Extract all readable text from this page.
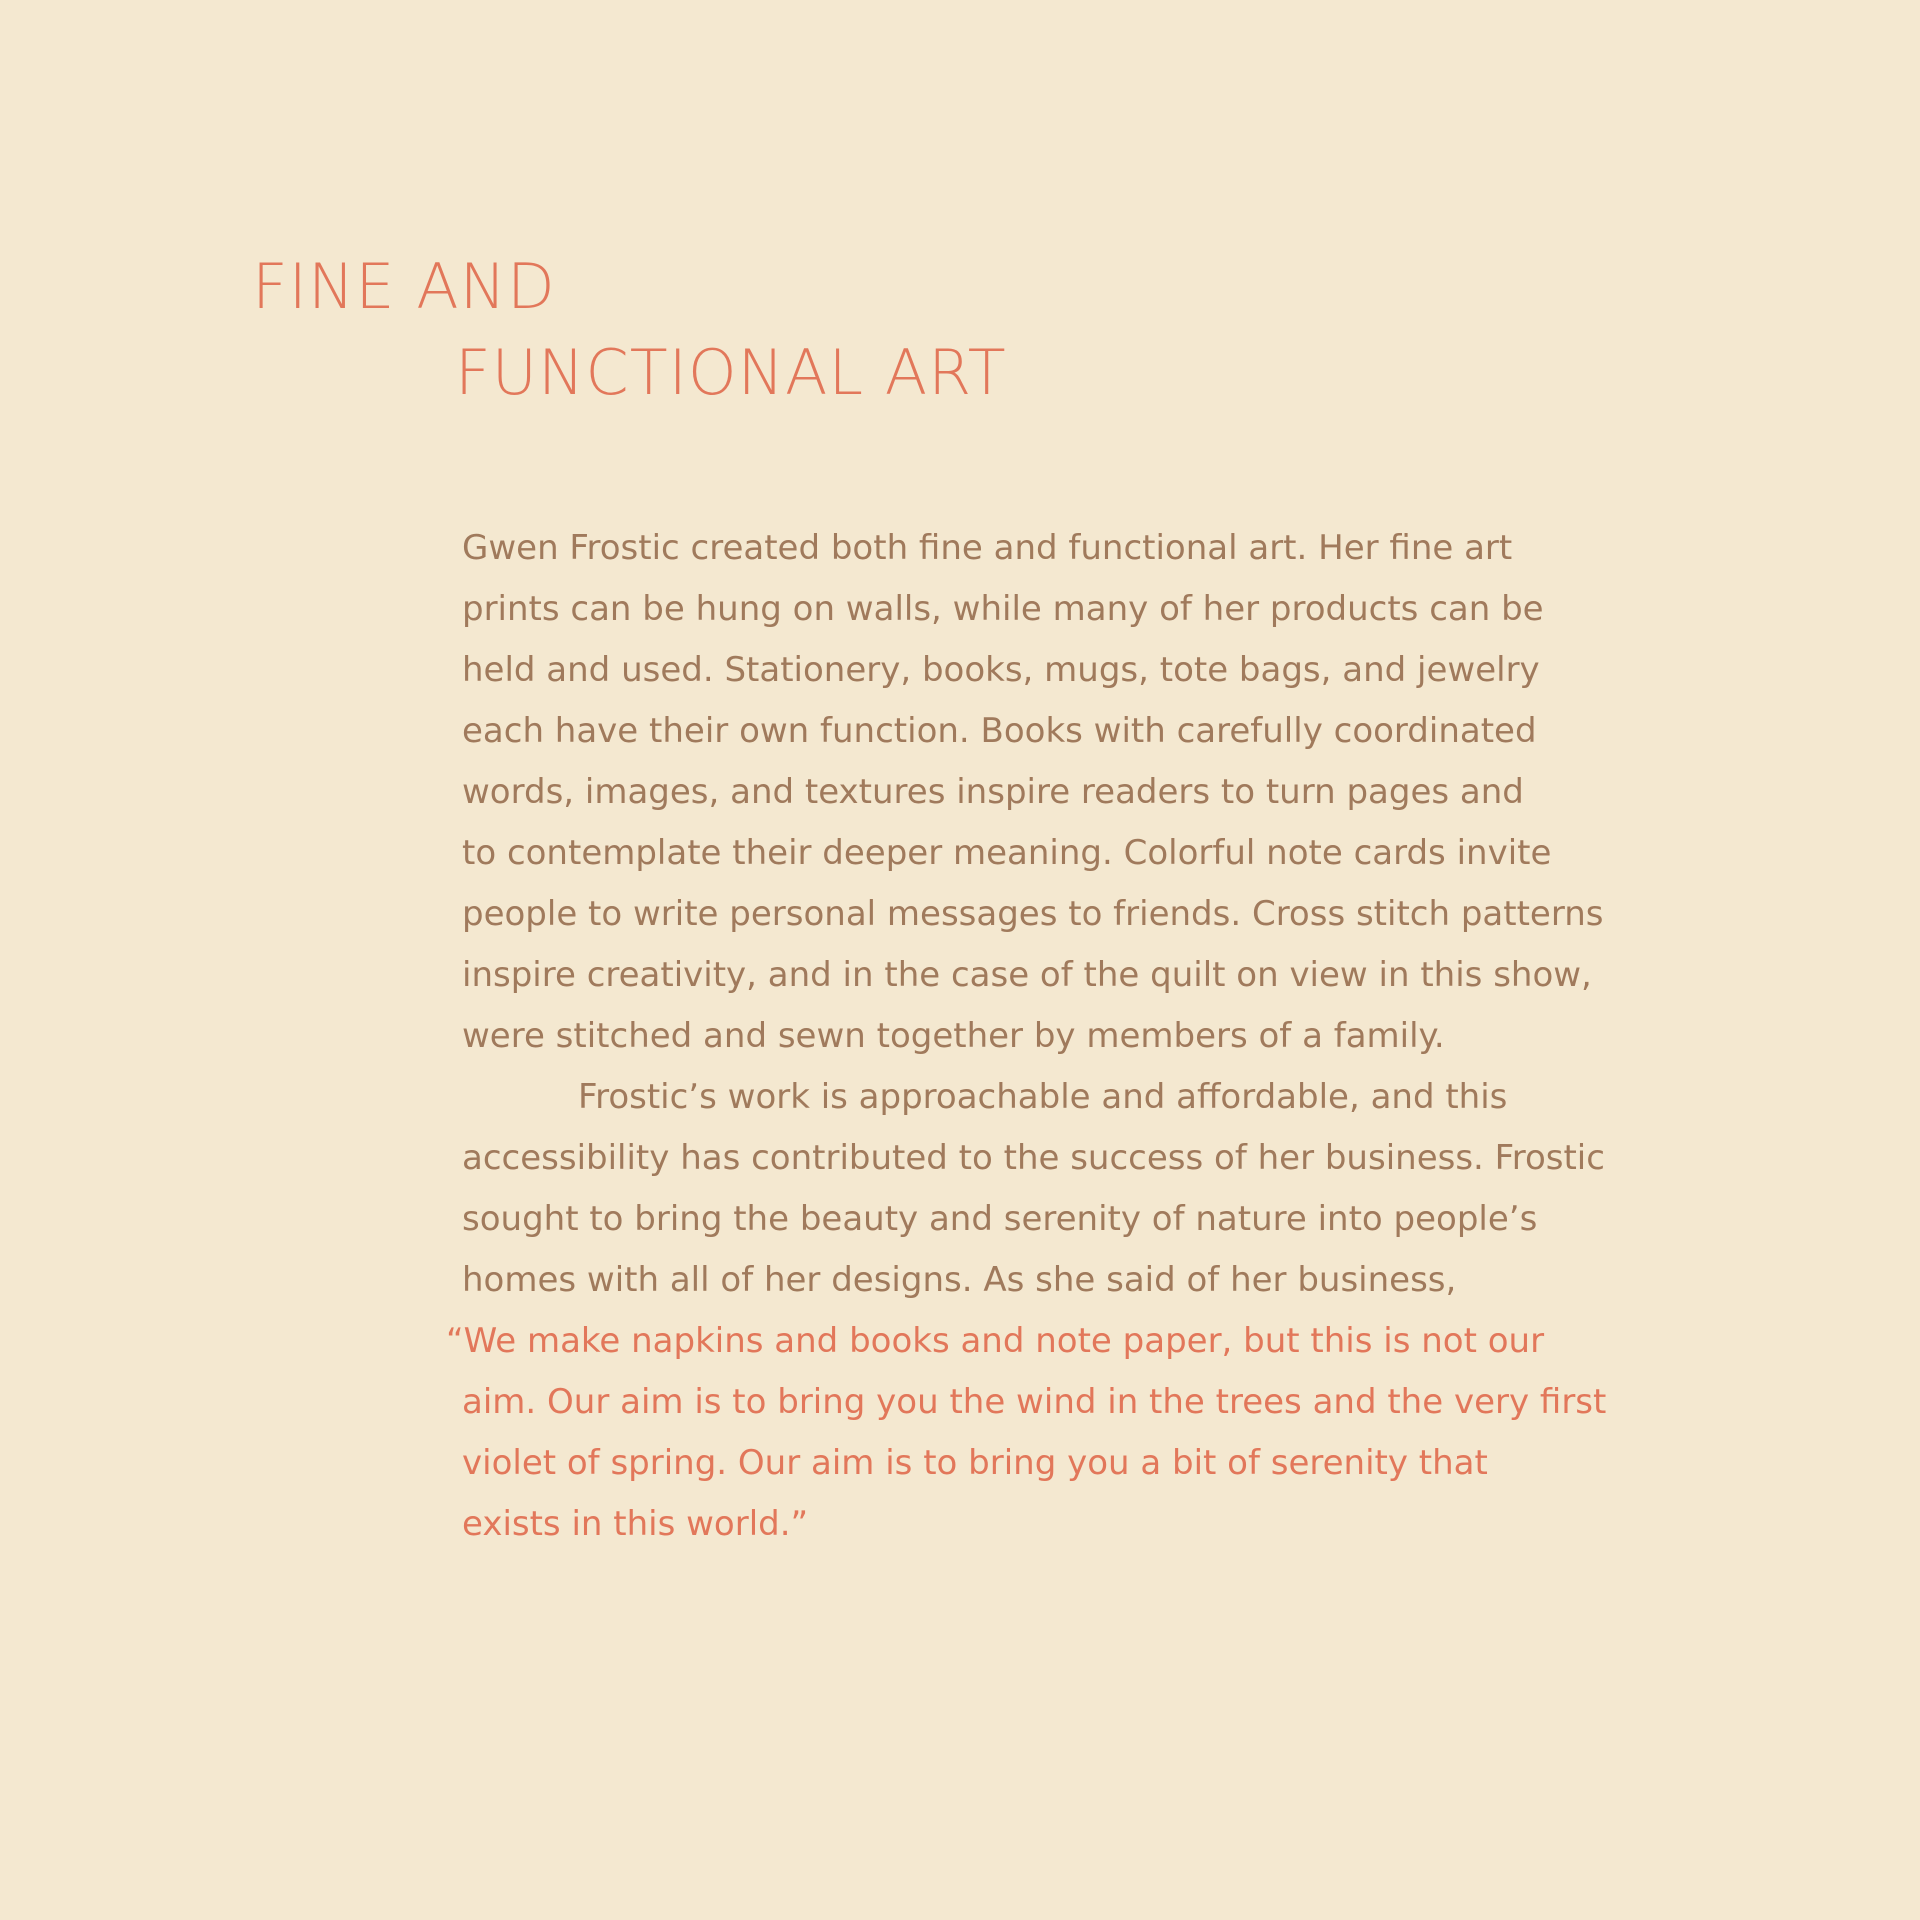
FINE AND
FUNCTIONAL ART
Gwen Frostic created both fine and functional art. Her fine art
prints can be hung on walls, while many of her products can be
held and used. Stationery, books, mugs, tote bags, and jewelry
each have their own function. Books with carefully coordinated
words, images, and textures inspire readers to turn pages and
to contemplate their deeper meaning. Colorful note cards invite
people to write personal messages to friends. Cross stitch patterns
inspire creativity, and in the case of the quilt on view in this show,
were stitched and sewn together by members of a family.
Frostic’s work is approachable and affordable, and this
accessibility has contributed to the success of her business. Frostic
sought to bring the beauty and serenity of nature into people’s
homes with all of her designs. As she said of her business,
“We make napkins and books and note paper, but this is not our
aim. Our aim is to bring you the wind in the trees and the very first
violet of spring. Our aim is to bring you a bit of serenity that
exists in this world.”
